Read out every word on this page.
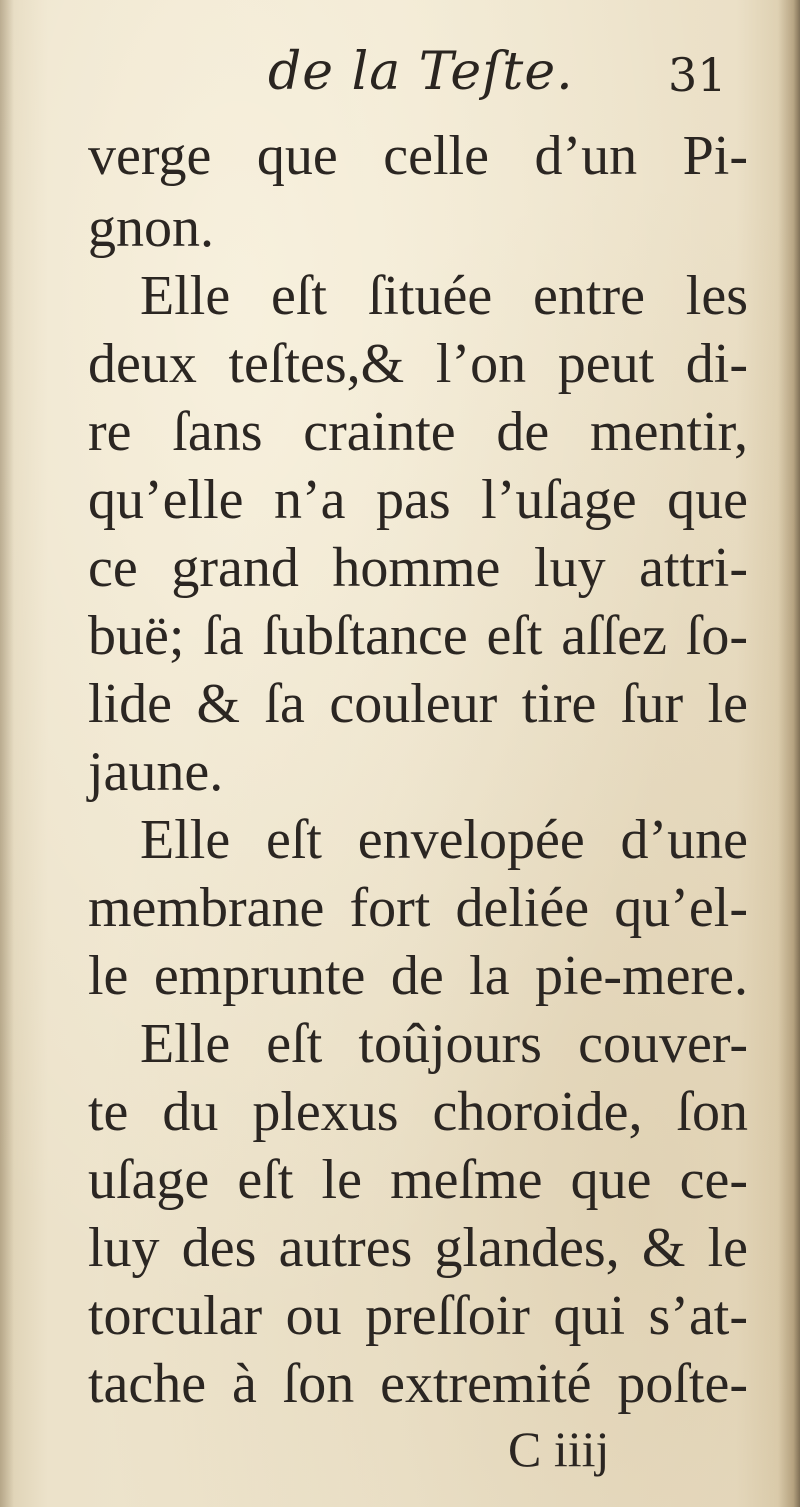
de la Teſte. 31
verge que celle d’un Pi-
gnon.
Elle eſt ſituée entre les
deux teſtes,& l’on peut di-
re ſans crainte de mentir,
qu’elle n’a pas l’uſage que
ce grand homme luy attri-
buë; ſa ſubſtance eſt aſſez ſo-
lide & ſa couleur tire ſur le
jaune.
Elle eſt envelopée d’une
membrane fort deliée qu’el-
le emprunte de la pie-mere.
Elle eſt toûjours couver-
te du plexus choroide, ſon
uſage eſt le meſme que ce-
luy des autres glandes, & le
torcular ou preſſoir qui s’at-
tache à ſon extremité poſte-
C iiij
